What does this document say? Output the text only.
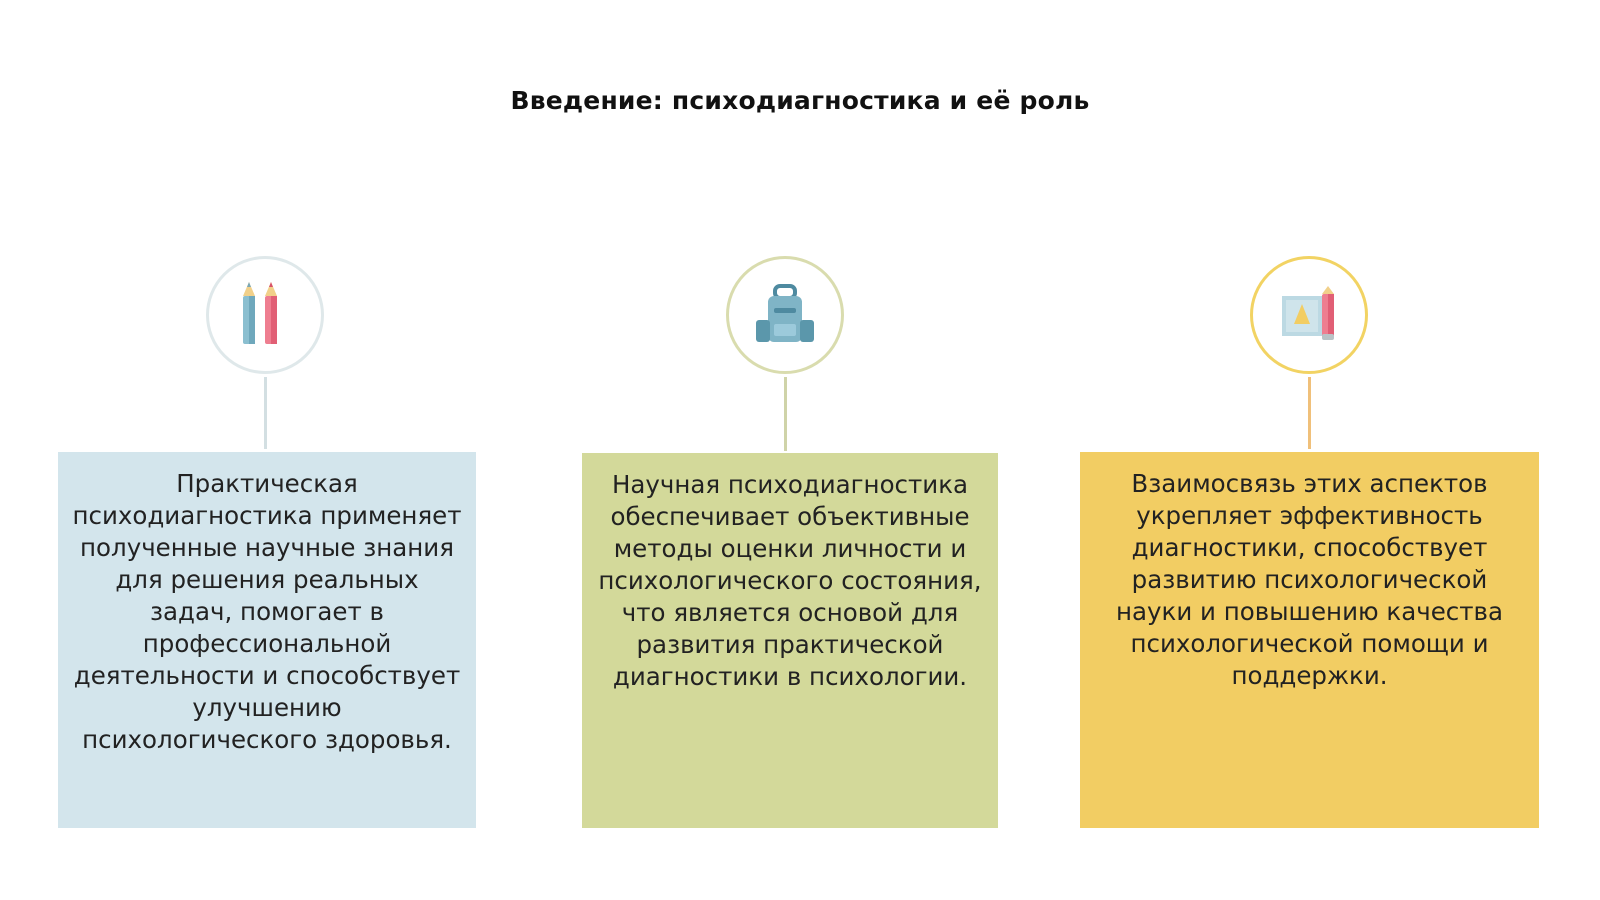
Введение: психодиагностика и её роль
Практическая психодиагностика применяет полученные научные знания для решения реальных задач, помогает в профессиональной деятельности и способствует улучшению психологического здоровья.
Научная психодиагностика обеспечивает объективные методы оценки личности и психологического состояния, что является основой для развития практической диагностики в психологии.
Взаимосвязь этих аспектов укрепляет эффективность диагностики, способствует развитию психологической науки и повышению качества психологической помощи и поддержки.
